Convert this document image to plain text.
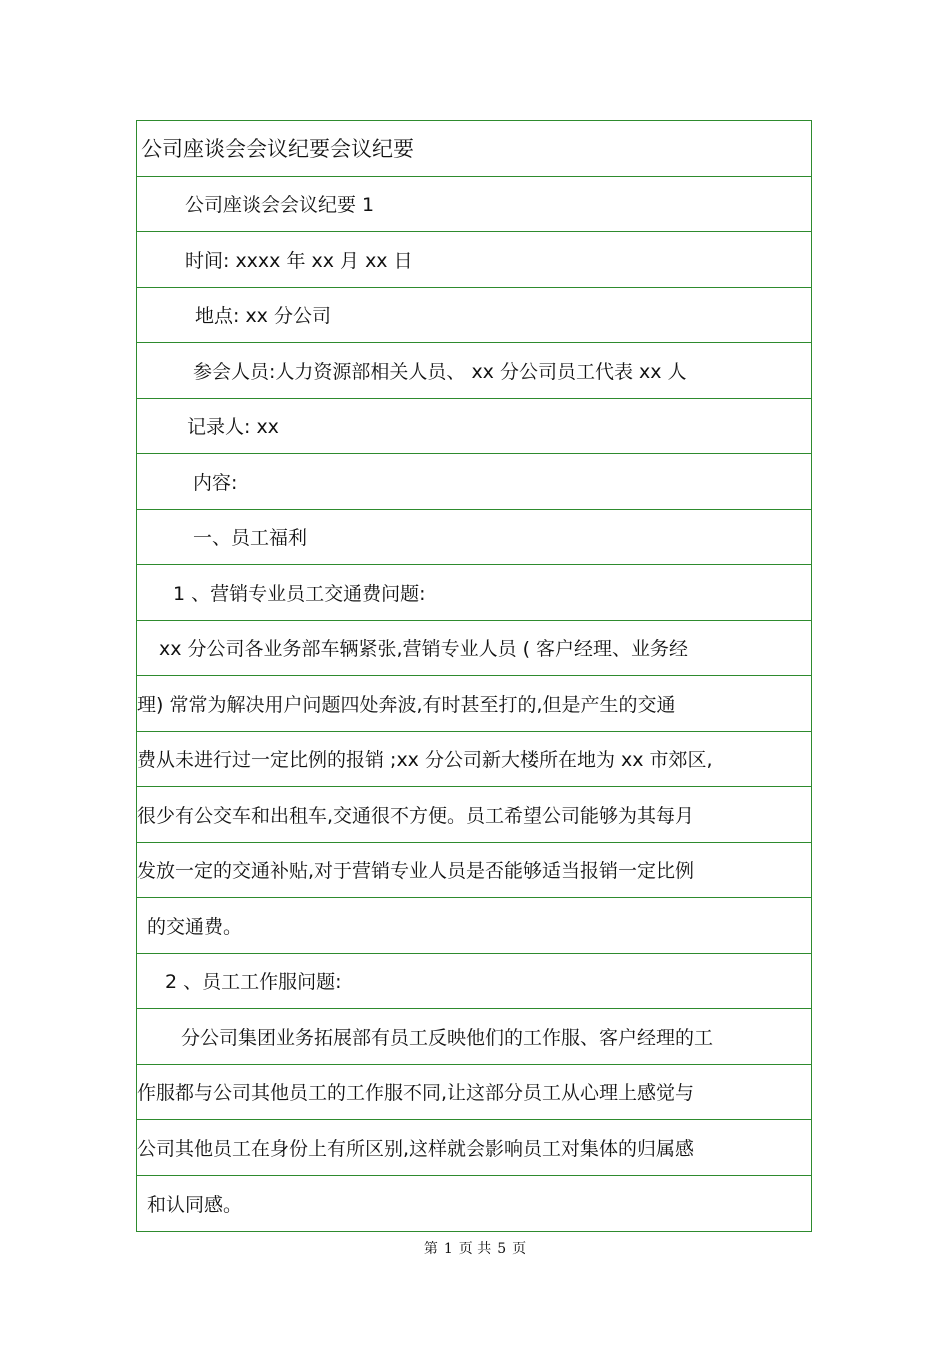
公司座谈会会议纪要会议纪要
公司座谈会会议纪要 1
时间: xxxx 年 xx 月 xx 日
地点: xx 分公司
参会人员:人力资源部相关人员、 xx 分公司员工代表 xx 人
记录人: xx
内容:
一、员工福利
1 、营销专业员工交通费问题:
xx 分公司各业务部车辆紧张,营销专业人员 ( 客户经理、业务经
理) 常常为解决用户问题四处奔波,有时甚至打的,但是产生的交通
费从未进行过一定比例的报销 ;xx 分公司新大楼所在地为 xx 市郊区,
很少有公交车和出租车,交通很不方便。员工希望公司能够为其每月
发放一定的交通补贴,对于营销专业人员是否能够适当报销一定比例
的交通费。
2 、员工工作服问题:
分公司集团业务拓展部有员工反映他们的工作服、客户经理的工
作服都与公司其他员工的工作服不同,让这部分员工从心理上感觉与
公司其他员工在身份上有所区别,这样就会影响员工对集体的归属感
和认同感。
第 1 页 共 5 页
